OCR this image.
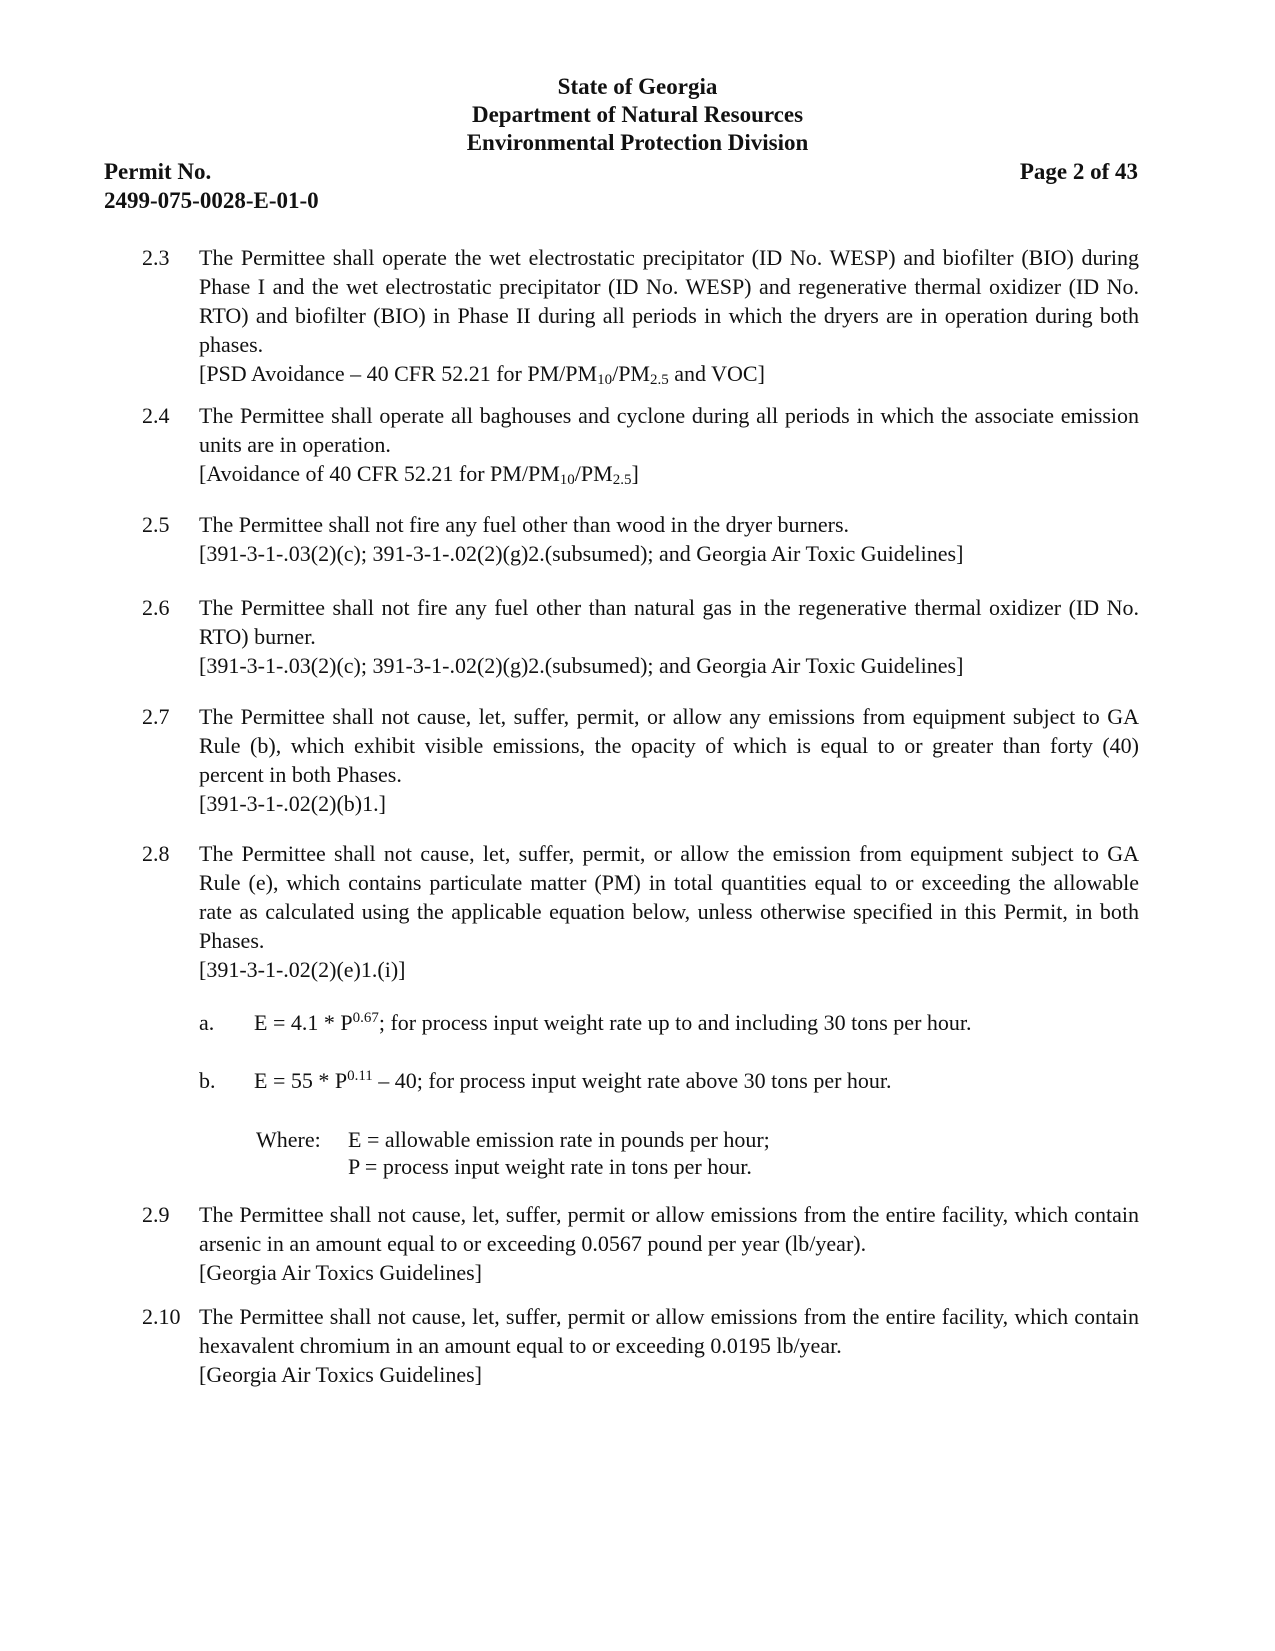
State of Georgia
Department of Natural Resources
Environmental Protection Division
Permit No.
2499-075-0028-E-01-0
Page 2 of 43
2.3 The Permittee shall operate the wet electrostatic precipitator (ID No. WESP) and biofilter (BIO) during Phase I and the wet electrostatic precipitator (ID No. WESP) and regenerative thermal oxidizer (ID No. RTO) and biofilter (BIO) in Phase II during all periods in which the dryers are in operation during both phases.
[PSD Avoidance – 40 CFR 52.21 for $PM/PM_{10}/PM_{2.5}$ and VOC]
2.4 The Permittee shall operate all baghouses and cyclone during all periods in which the associate emission units are in operation.
[Avoidance of 40 CFR 52.21 for $PM/PM_{10}/PM_{2.5}$]
2.5 The Permittee shall not fire any fuel other than wood in the dryer burners.
[391-3-1-.03(2)(c); 391-3-1-.02(2)(g)2.(subsumed); and Georgia Air Toxic Guidelines]
2.6 The Permittee shall not fire any fuel other than natural gas in the regenerative thermal oxidizer (ID No. RTO) burner.
[391-3-1-.03(2)(c); 391-3-1-.02(2)(g)2.(subsumed); and Georgia Air Toxic Guidelines]
2.7 The Permittee shall not cause, let, suffer, permit, or allow any emissions from equipment subject to GA Rule (b), which exhibit visible emissions, the opacity of which is equal to or greater than forty (40) percent in both Phases.
[391-3-1-.02(2)(b)1.]
2.8 The Permittee shall not cause, let, suffer, permit, or allow the emission from equipment subject to GA Rule (e), which contains particulate matter (PM) in total quantities equal to or exceeding the allowable rate as calculated using the applicable equation below, unless otherwise specified in this Permit, in both Phases.
[391-3-1-.02(2)(e)1.(i)]
a. $E = 4.1 * P^{0.67}$; for process input weight rate up to and including 30 tons per hour.
b. $E = 55 * P^{0.11} - 40$; for process input weight rate above 30 tons per hour.
Where: E = allowable emission rate in pounds per hour;
P = process input weight rate in tons per hour.
2.9 The Permittee shall not cause, let, suffer, permit or allow emissions from the entire facility, which contain arsenic in an amount equal to or exceeding 0.0567 pound per year (lb/year).
[Georgia Air Toxics Guidelines]
2.10 The Permittee shall not cause, let, suffer, permit or allow emissions from the entire facility, which contain hexavalent chromium in an amount equal to or exceeding 0.0195 lb/year.
[Georgia Air Toxics Guidelines]
